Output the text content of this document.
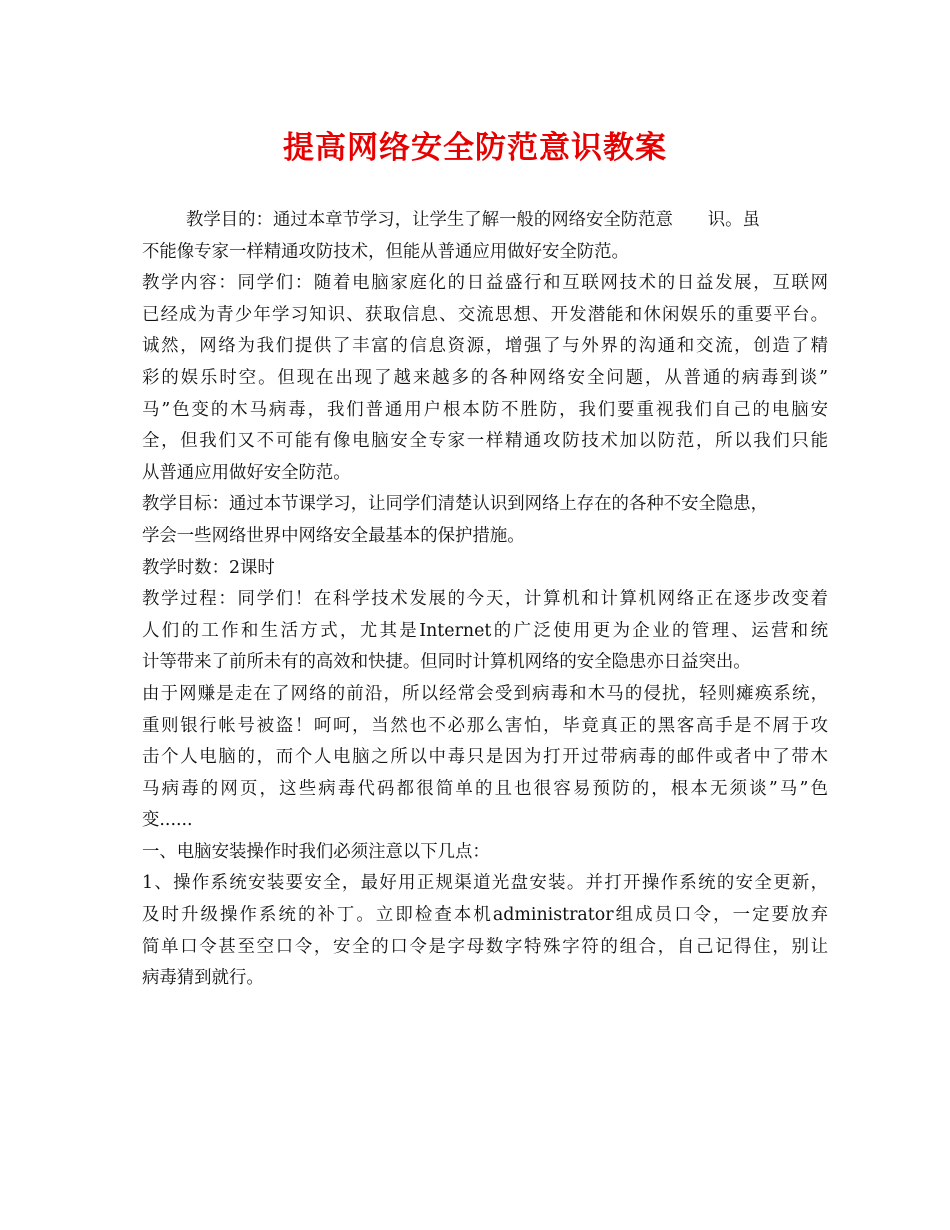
提高网络安全防范意识教案
教学目的：通过本章节学习，让学生了解一般的网络安全防范意　　识。虽
不能像专家一样精通攻防技术，但能从普通应用做好安全防范。
教学内容：同学们：随着电脑家庭化的日益盛行和互联网技术的日益发展，互联网
已经成为青少年学习知识、获取信息、交流思想、开发潜能和休闲娱乐的重要平台。
诚然，网络为我们提供了丰富的信息资源，增强了与外界的沟通和交流，创造了精
彩的娱乐时空。但现在出现了越来越多的各种网络安全问题，从普通的病毒到谈”
马”色变的木马病毒，我们普通用户根本防不胜防，我们要重视我们自己的电脑安
全，但我们又不可能有像电脑安全专家一样精通攻防技术加以防范，所以我们只能
从普通应用做好安全防范。
教学目标：通过本节课学习，让同学们清楚认识到网络上存在的各种不安全隐患，
学会一些网络世界中网络安全最基本的保护措施。
教学时数：2课时
教学过程：同学们！在科学技术发展的今天，计算机和计算机网络正在逐步改变着
人们的工作和生活方式，尤其是Internet的广泛使用更为企业的管理、运营和统
计等带来了前所未有的高效和快捷。但同时计算机网络的安全隐患亦日益突出。
由于网赚是走在了网络的前沿，所以经常会受到病毒和木马的侵扰，轻则瘫痪系统，
重则银行帐号被盗！呵呵，当然也不必那么害怕，毕竟真正的黑客高手是不屑于攻
击个人电脑的，而个人电脑之所以中毒只是因为打开过带病毒的邮件或者中了带木
马病毒的网页，这些病毒代码都很简单的且也很容易预防的，根本无须谈”马”色
变......
一、电脑安装操作时我们必须注意以下几点：
1、操作系统安装要安全，最好用正规渠道光盘安装。并打开操作系统的安全更新，
及时升级操作系统的补丁。立即检查本机administrator组成员口令，一定要放弃
简单口令甚至空口令，安全的口令是字母数字特殊字符的组合，自己记得住，别让
病毒猜到就行。
